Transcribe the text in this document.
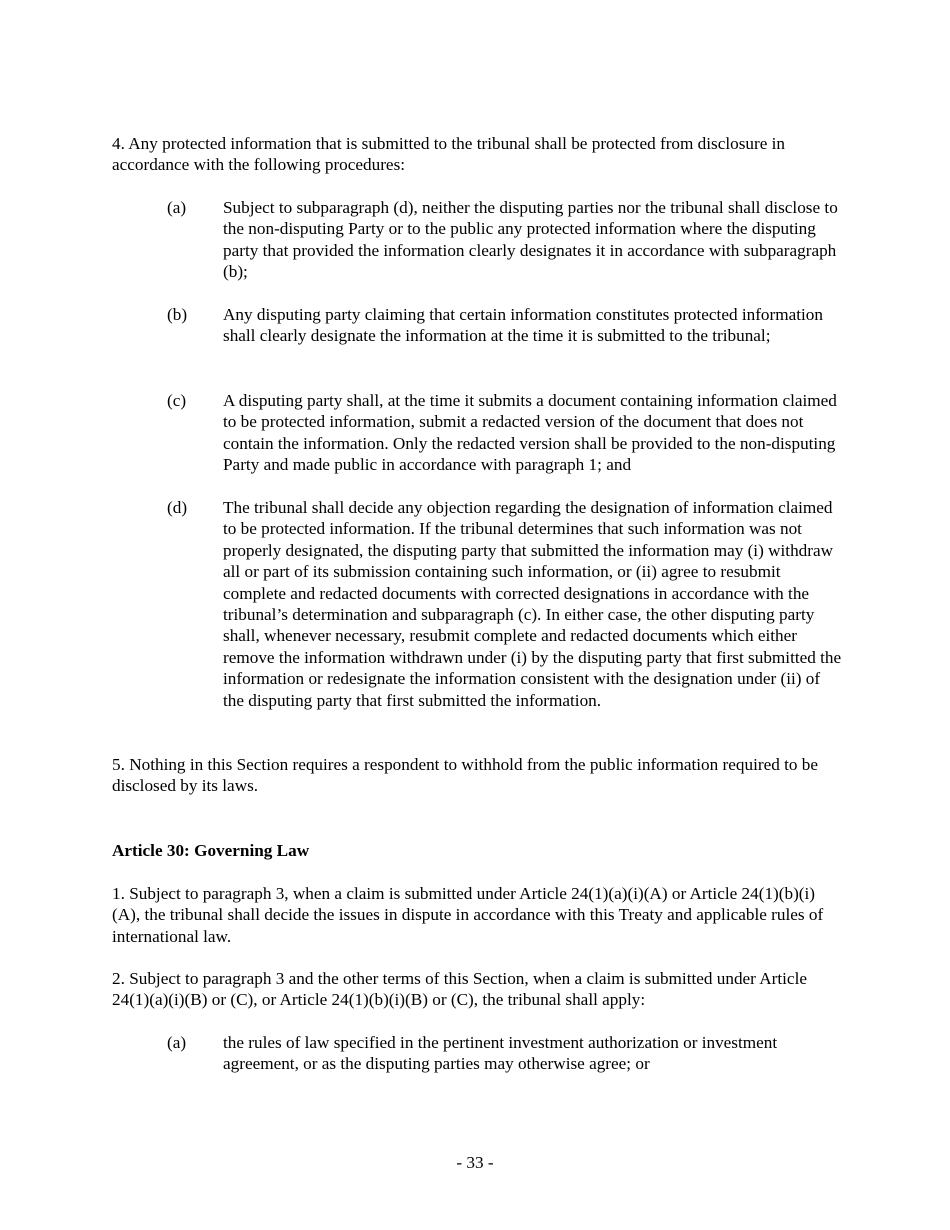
4. Any protected information that is submitted to the tribunal shall be protected from disclosure in accordance with the following procedures:

(a)	Subject to subparagraph (d), neither the disputing parties nor the tribunal shall disclose to the non-disputing Party or to the public any protected information where the disputing party that provided the information clearly designates it in accordance with subparagraph (b);

(b)	Any disputing party claiming that certain information constitutes protected information shall clearly designate the information at the time it is submitted to the tribunal;

(c)	A disputing party shall, at the time it submits a document containing information claimed to be protected information, submit a redacted version of the document that does not contain the information. Only the redacted version shall be provided to the non-disputing Party and made public in accordance with paragraph 1; and

(d)	The tribunal shall decide any objection regarding the designation of information claimed to be protected information. If the tribunal determines that such information was not properly designated, the disputing party that submitted the information may (i) withdraw all or part of its submission containing such information, or (ii) agree to resubmit complete and redacted documents with corrected designations in accordance with the tribunal’s determination and subparagraph (c). In either case, the other disputing party shall, whenever necessary, resubmit complete and redacted documents which either remove the information withdrawn under (i) by the disputing party that first submitted the information or redesignate the information consistent with the designation under (ii) of the disputing party that first submitted the information.

5. Nothing in this Section requires a respondent to withhold from the public information required to be disclosed by its laws.

Article 30: Governing Law

1. Subject to paragraph 3, when a claim is submitted under Article 24(1)(a)(i)(A) or Article 24(1)(b)(i)(A), the tribunal shall decide the issues in dispute in accordance with this Treaty and applicable rules of international law.

2. Subject to paragraph 3 and the other terms of this Section, when a claim is submitted under Article 24(1)(a)(i)(B) or (C), or Article 24(1)(b)(i)(B) or (C), the tribunal shall apply:

(a)	the rules of law specified in the pertinent investment authorization or investment agreement, or as the disputing parties may otherwise agree; or

- 33 -
